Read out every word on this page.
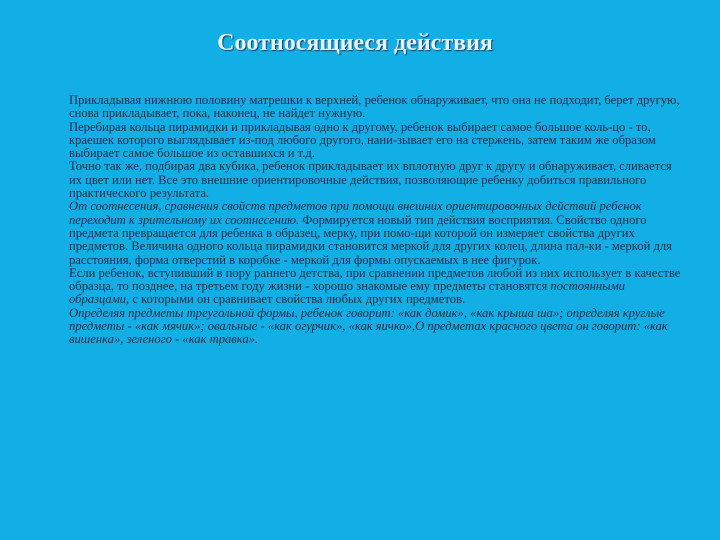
Соотносящиеся действия

Прикладывая нижнюю половину матрешки к верхней, ребенок обнаруживает, что она не подходит, берет другую, снова прикладывает, пока, наконец, не найдет нужную.

Перебирая кольца пирамидки и прикладывая одно к другому, ребенок выбирает самое большое коль-цо - то, краешек которого выглядывает из-под любого другого, нани-зывает его на стержень, затем таким же образом выбирает самое большое из оставшихся и т.д.

Точно так же, подбирая два кубика, ребенок прикладывает их вплотную друг к другу и обнаруживает, сливается их цвет или нет. Все это внешние ориентировочные действия, позволяющие ребенку добиться правильного практического результата.

От соотнесения, сравнения свойств предметов при помощи внешних ориентировочных действий ребенок переходит к зрительному их соотнесению. Формируется новый тип действия восприятия. Свойство одного предмета превращается для ребенка в образец, мерку, при помо-щи которой он измеряет свойства других предметов. Величина одного кольца пирамидки становится меркой для других колец, длина пал-ки - меркой для расстояния, форма отверстий в коробке - меркой для формы опускаемых в нее фигурок.

Если ребенок, вступивший в пору раннего детства, при сравнении предметов любой из них использует в качестве образца, то позднее, на третьем году жизни - хорошо знакомые ему предметы становятся постоянными образцами, с которыми он сравнивает свойства любых других предметов.

Определяя предметы треугольной формы, ребенок говорит: «как домик», «как крыша ша»; определяя круглые предметы - «как мячик»; овальные - «как огурчик», «как яичко»,О предметах красного цвета он говорит: «как вишенка», зеленого - «как травка».
